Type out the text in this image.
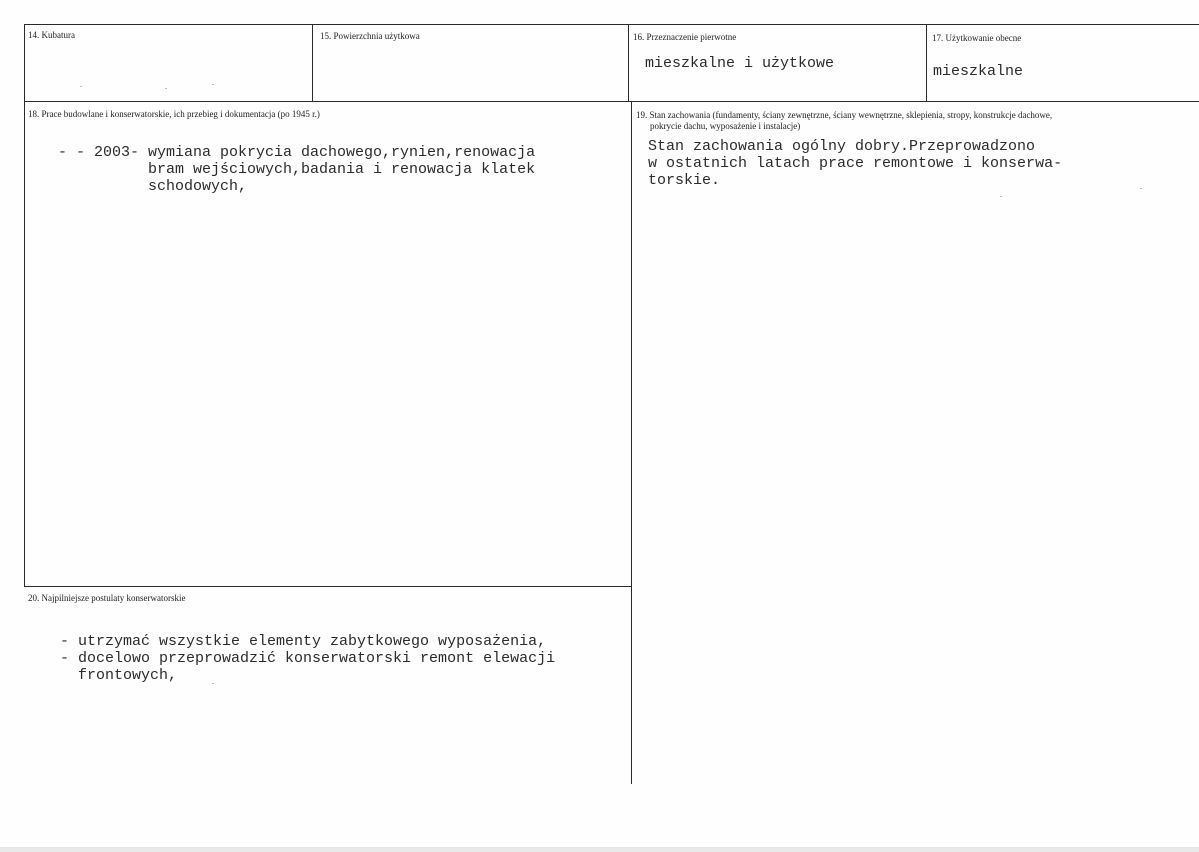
14. Kubatura	15. Powierzchnia użytkowa	16. Przeznaczenie pierwotne
mieszkalne i użytkowe
17. Użytkowanie obecne
mieszkalne
18. Prace budowlane i konserwatorskie, ich przebieg i dokumentacja (po 1945 r.)
- - 2003- wymiana pokrycia dachowego,rynien,renowacja
bram wejściowych,badania i renowacja klatek
schodowych,
19. Stan zachowania (fundamenty, ściany zewnętrzne, ściany wewnętrzne, sklepienia, stropy, konstrukcje dachowe,
pokrycie dachu, wyposażenie i instalacje)
Stan zachowania ogólny dobry.Przeprowadzono
w ostatnich latach prace remontowe i konserwa-
torskie.
20. Najpilniejsze postulaty konserwatorskie
- utrzymać wszystkie elementy zabytkowego wyposażenia,
- docelowo przeprowadzić konserwatorski remont elewacji
frontowych,
